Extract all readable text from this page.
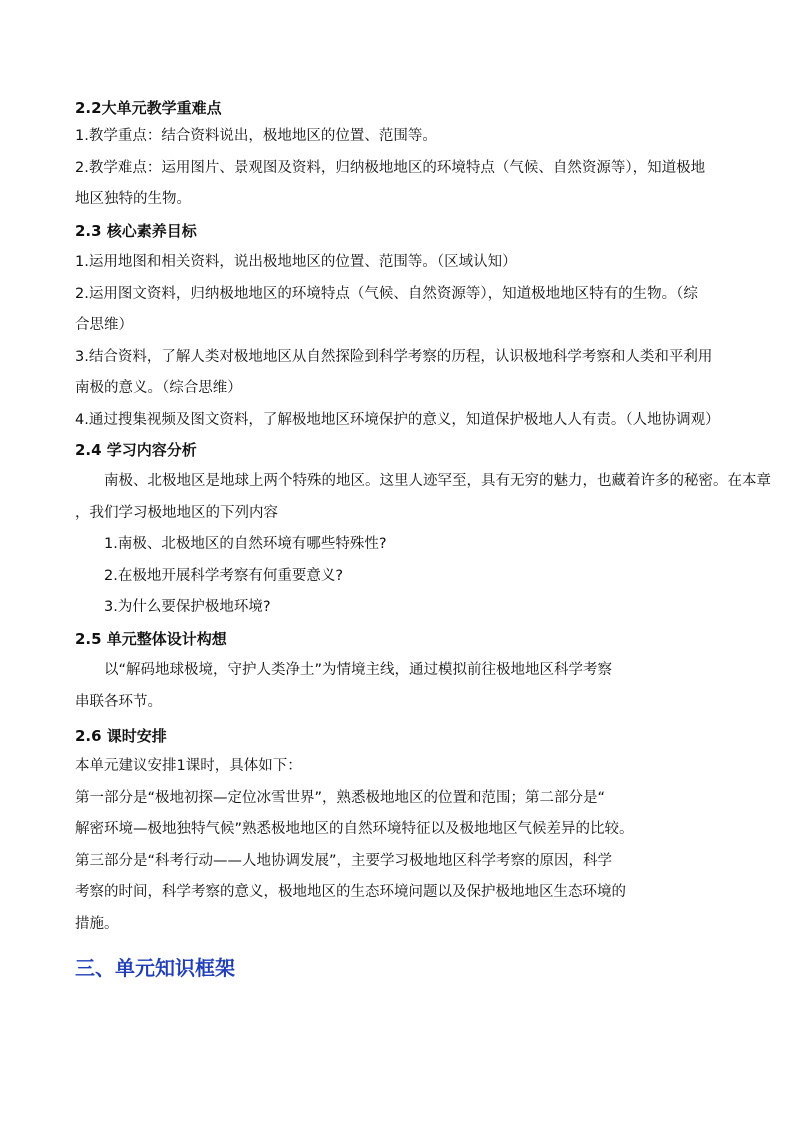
2.2大单元教学重难点
1.教学重点：结合资料说出，极地地区的位置、范围等。
2.教学难点：运用图片、景观图及资料，归纳极地地区的环境特点（气候、自然资源等），知道极地
地区独特的生物。
2.3 核心素养目标
1.运用地图和相关资料，说出极地地区的位置、范围等。（区域认知）
2.运用图文资料，归纳极地地区的环境特点（气候、自然资源等），知道极地地区特有的生物。（综
合思维）
3.结合资料，了解人类对极地地区从自然探险到科学考察的历程，认识极地科学考察和人类和平利用
南极的意义。（综合思维）
4.通过搜集视频及图文资料，了解极地地区环境保护的意义，知道保护极地人人有责。（人地协调观）
2.4 学习内容分析
南极、北极地区是地球上两个特殊的地区。这里人迹罕至，具有无穷的魅力，也藏着许多的秘密。在本章
，我们学习极地地区的下列内容
1.南极、北极地区的自然环境有哪些特殊性?
2.在极地开展科学考察有何重要意义?
3.为什么要保护极地环境?
2.5 单元整体设计构想
以“解码地球极境，守护人类净土”为情境主线，通过模拟前往极地地区科学考察
串联各环节。
2.6 课时安排
本单元建议安排1课时，具体如下：
第一部分是“极地初探—定位冰雪世界”，熟悉极地地区的位置和范围；第二部分是“
解密环境—极地独特气候”熟悉极地地区的自然环境特征以及极地地区气候差异的比较。
第三部分是“科考行动——人地协调发展”，主要学习极地地区科学考察的原因，科学
考察的时间，科学考察的意义，极地地区的生态环境问题以及保护极地地区生态环境的
措施。
三、单元知识框架
